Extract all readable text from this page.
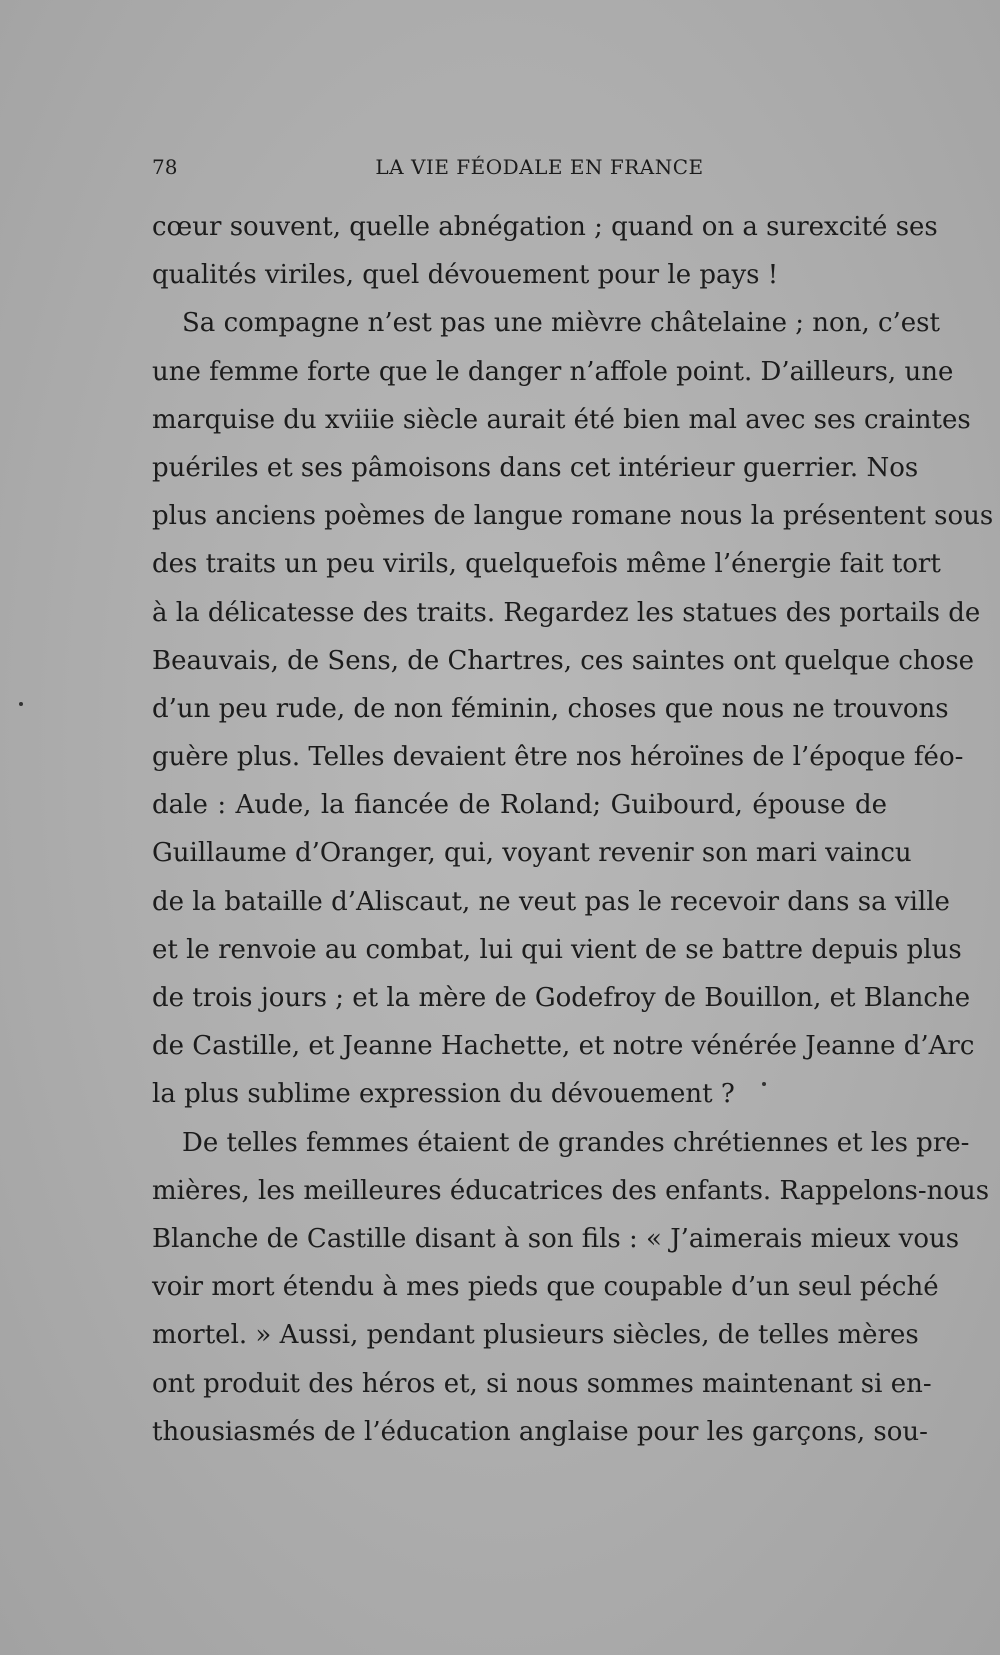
78	LA VIE FÉODALE EN FRANCE
cœur souvent, quelle abnégation ; quand on a surexcité ses
qualités viriles, quel dévouement pour le pays !
Sa compagne n’est pas une mièvre châtelaine ; non, c’est
une femme forte que le danger n’affole point. D’ailleurs, une
marquise du xviiie siècle aurait été bien mal avec ses craintes
puériles et ses pâmoisons dans cet intérieur guerrier. Nos
plus anciens poèmes de langue romane nous la présentent sous
des traits un peu virils, quelquefois même l’énergie fait tort
à la délicatesse des traits. Regardez les statues des portails de
Beauvais, de Sens, de Chartres, ces saintes ont quelque chose
d’un peu rude, de non féminin, choses que nous ne trouvons
guère plus. Telles devaient être nos héroïnes de l’époque féo-
dale : Aude, la fiancée de Roland; Guibourd, épouse de
Guillaume d’Oranger, qui, voyant revenir son mari vaincu
de la bataille d’Aliscaut, ne veut pas le recevoir dans sa ville
et le renvoie au combat, lui qui vient de se battre depuis plus
de trois jours ; et la mère de Godefroy de Bouillon, et Blanche
de Castille, et Jeanne Hachette, et notre vénérée Jeanne d’Arc
la plus sublime expression du dévouement ?
De telles femmes étaient de grandes chrétiennes et les pre-
mières, les meilleures éducatrices des enfants. Rappelons-nous
Blanche de Castille disant à son fils : « J’aimerais mieux vous
voir mort étendu à mes pieds que coupable d’un seul péché
mortel. » Aussi, pendant plusieurs siècles, de telles mères
ont produit des héros et, si nous sommes maintenant si en-
thousiasmés de l’éducation anglaise pour les garçons, sou-
